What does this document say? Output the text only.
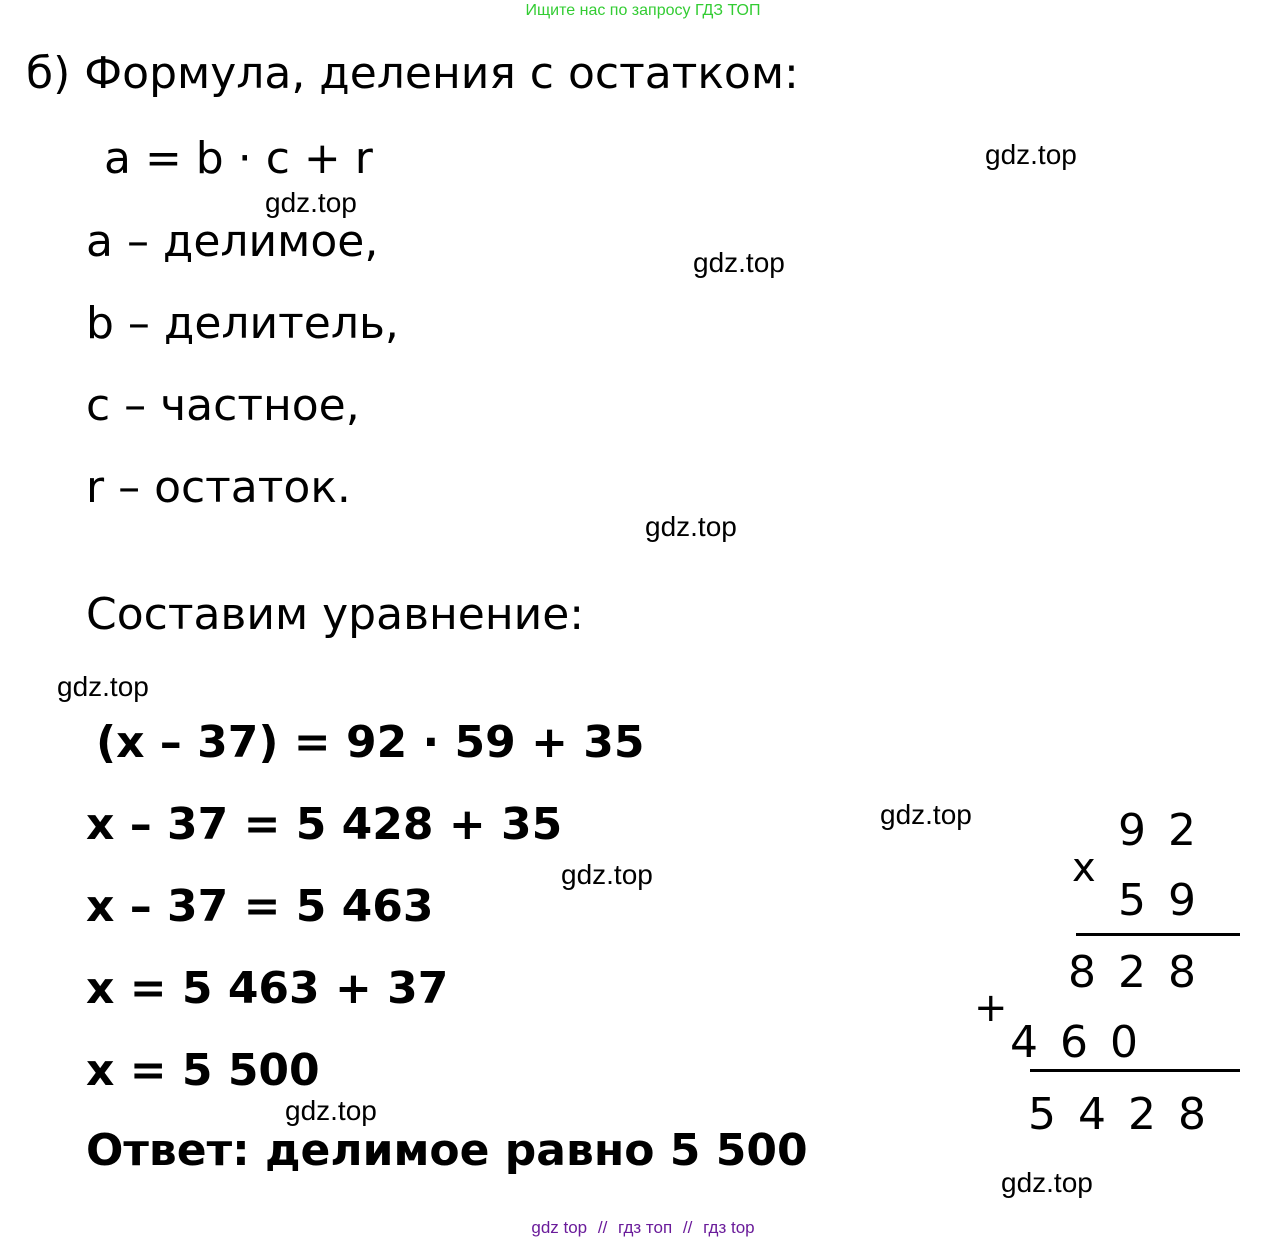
Ищите нас по запросу ГДЗ ТОП
б) Формула, деления с остатком:
a = b · c + r
a – делимое,
b – делитель,
c – частное,
r – остаток.
Составим уравнение:
(x – 37) = 92 · 59 + 35
x – 37 = 5 428 + 35
x – 37 = 5 463
x = 5 463 + 37
x = 5 500
Ответ: делимое равно 5 500
x
92
59
828
+
460
5428
gdz.top
gdz.top
gdz.top
gdz.top
gdz.top
gdz.top
gdz.top
gdz.top
gdz.top
gdz top // гдз топ // гдз top
